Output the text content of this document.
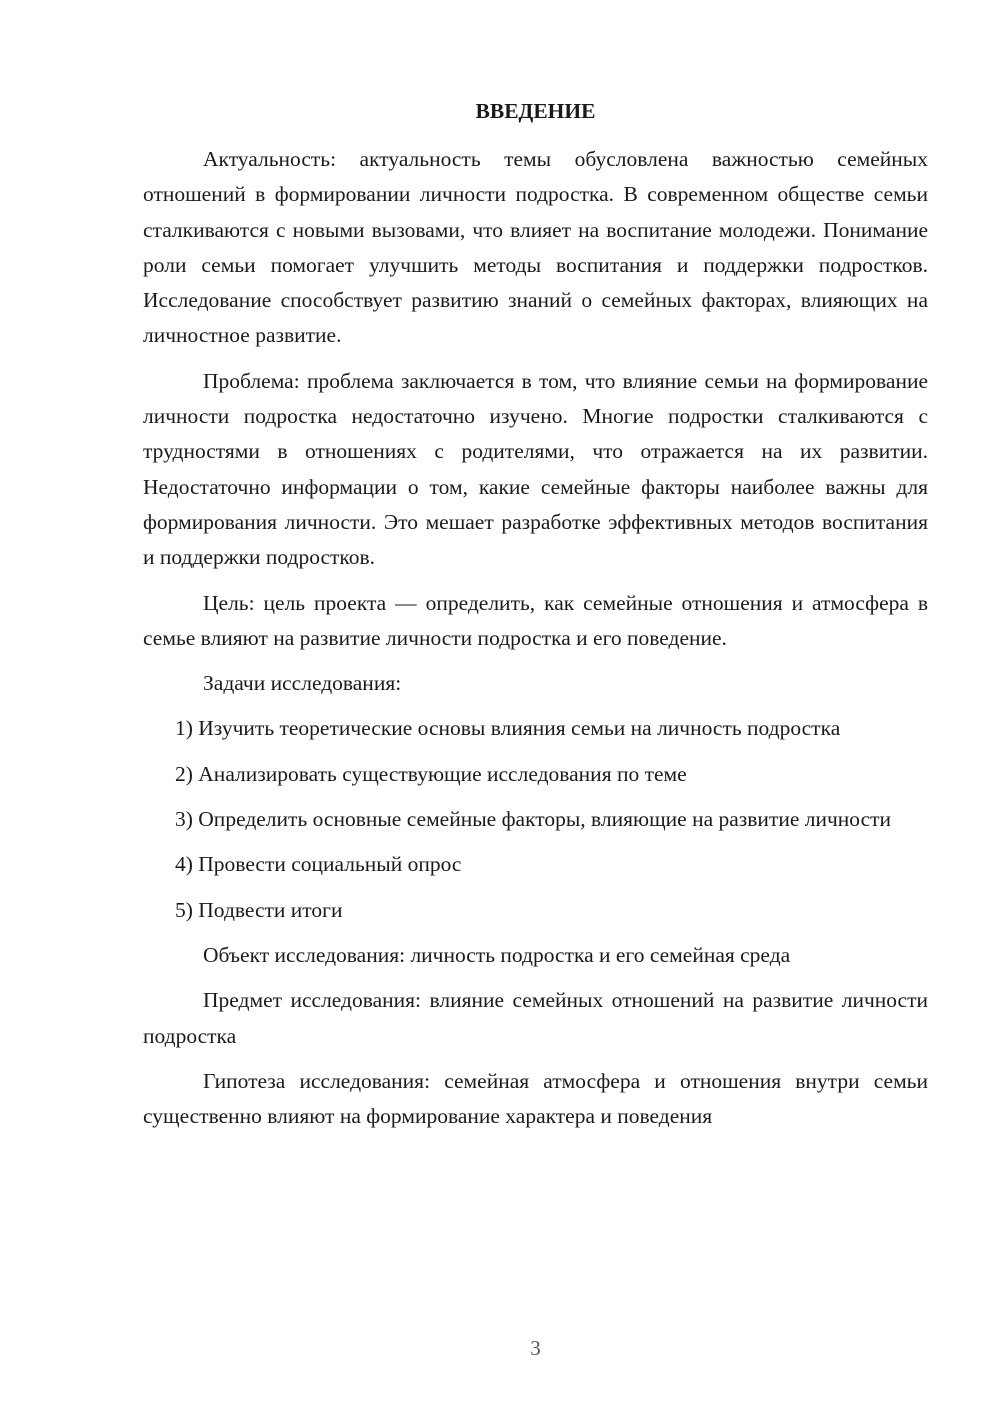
ВВЕДЕНИЕ

Актуальность: актуальность темы обусловлена важностью семейных отношений в формировании личности подростка. В современном обществе семьи сталкиваются с новыми вызовами, что влияет на воспитание молодежи. Понимание роли семьи помогает улучшить методы воспитания и поддержки подростков. Исследование способствует развитию знаний о семейных факторах, влияющих на личностное развитие.

Проблема: проблема заключается в том, что влияние семьи на формирование личности подростка недостаточно изучено. Многие подростки сталкиваются с трудностями в отношениях с родителями, что отражается на их развитии. Недостаточно информации о том, какие семейные факторы наиболее важны для формирования личности. Это мешает разработке эффективных методов воспитания и поддержки подростков.

Цель: цель проекта — определить, как семейные отношения и атмосфера в семье влияют на развитие личности подростка и его поведение.

Задачи исследования:

1) Изучить теоретические основы влияния семьи на личность подростка

2) Анализировать существующие исследования по теме

3) Определить основные семейные факторы, влияющие на развитие личности

4) Провести социальный опрос

5) Подвести итоги

Объект исследования: личность подростка и его семейная среда

Предмет исследования: влияние семейных отношений на развитие личности подростка

Гипотеза исследования: семейная атмосфера и отношения внутри семьи существенно влияют на формирование характера и поведения

3
